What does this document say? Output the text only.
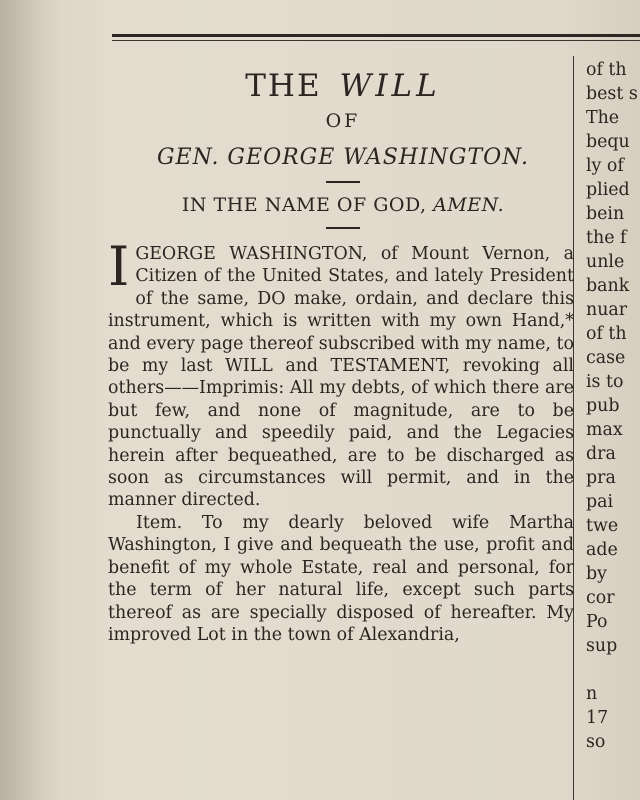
THE WILL
OF
GEN. GEORGE WASHINGTON.
IN THE NAME OF GOD, AMEN.

I GEORGE WASHINGTON, of Mount Vernon, a Citizen of the United States, and lately President of the same, DO make, ordain, and declare this instrument, which is written with my own Hand,* and every page thereof subscribed with my name, to be my last WILL and TESTAMENT, revoking all others——Imprimis: All my debts, of which there are but few, and none of magnitude, are to be punctually and speedily paid, and the Legacies herein after bequeathed, are to be discharged as soon as circumstances will permit, and in the manner directed.

Item. To my dearly beloved wife Martha Washington, I give and bequeath the use, profit and benefit of my whole Estate, real and personal, for the term of her natural life, except such parts thereof as are specially disposed of hereafter. My improved Lot in the town of Alexandria,

of th
best s
The
bequ
ly of
plied
bein
the f
unle
bank
nuar
of th
case
is to
pub
max
dra
pra
pai
twe
ade
by
cor
Po
sup
n
17
so
